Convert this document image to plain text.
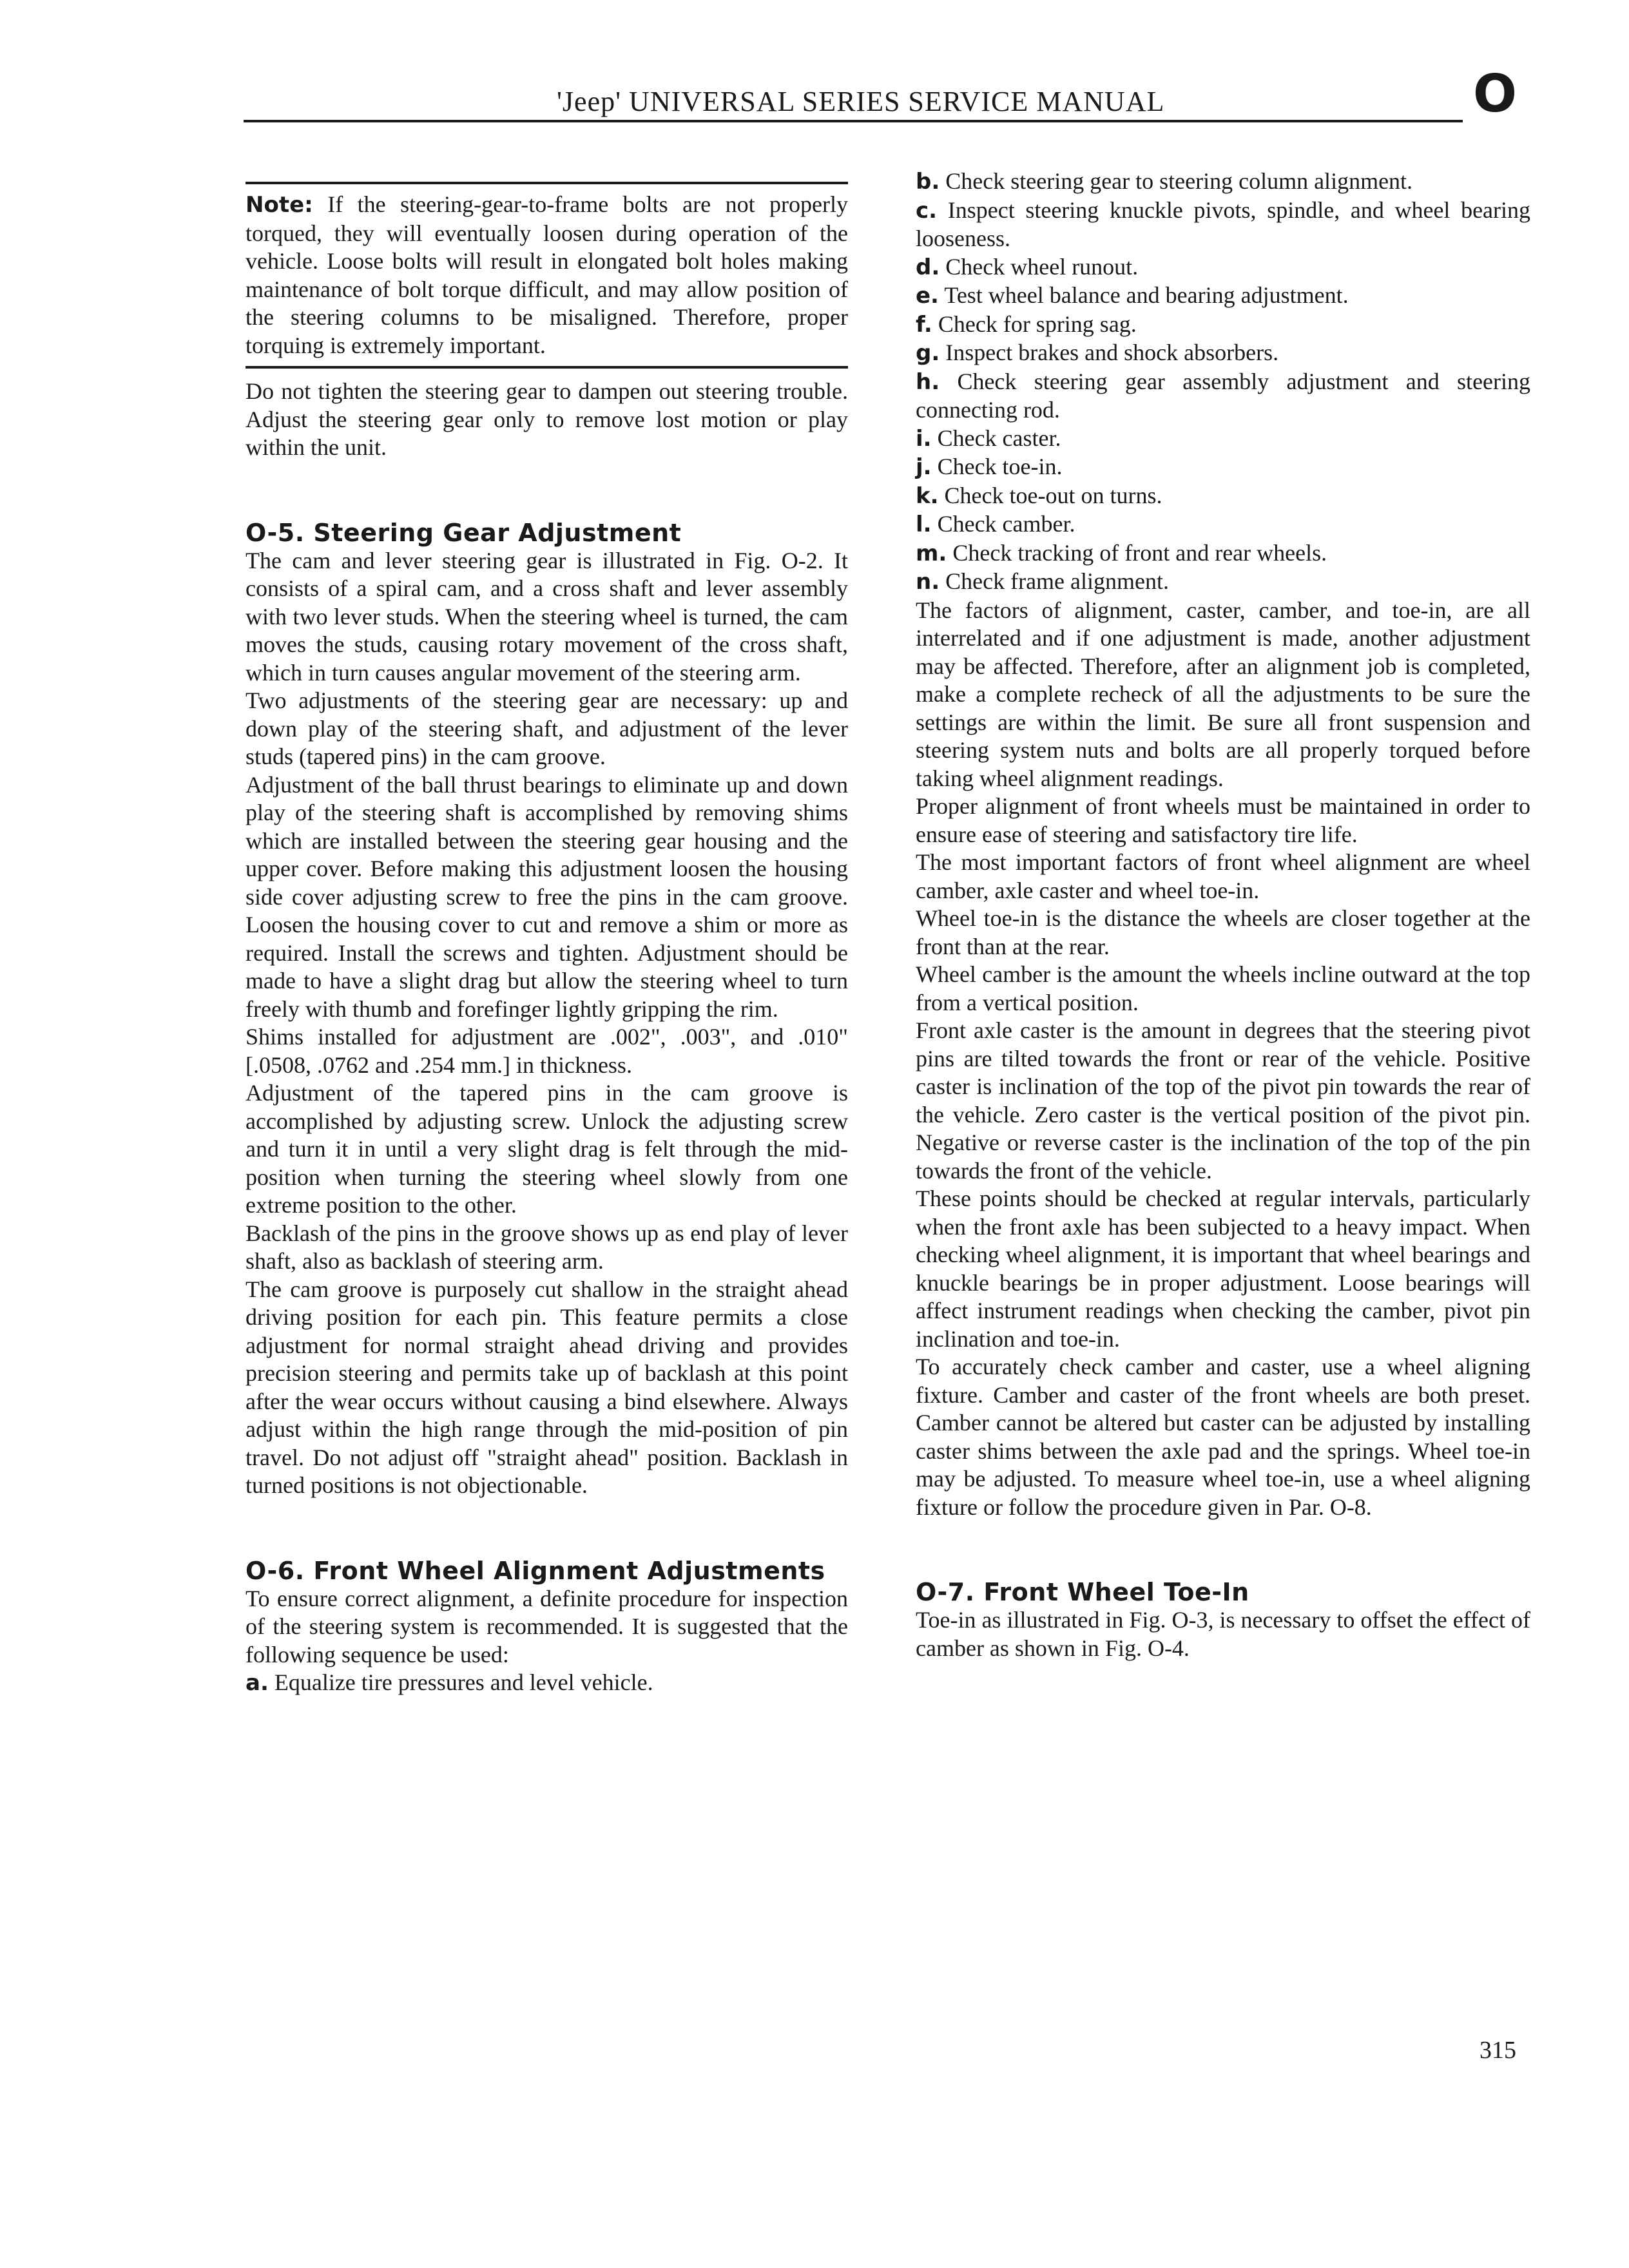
'Jeep' UNIVERSAL SERIES SERVICE MANUAL	O

Note: If the steering-gear-to-frame bolts are not properly torqued, they will eventually loosen during operation of the vehicle. Loose bolts will result in elongated bolt holes making maintenance of bolt torque difficult, and may allow position of the steering columns to be misaligned. Therefore, proper torquing is extremely important.

Do not tighten the steering gear to dampen out steering trouble. Adjust the steering gear only to remove lost motion or play within the unit.

O-5. Steering Gear Adjustment

The cam and lever steering gear is illustrated in Fig. O-2. It consists of a spiral cam, and a cross shaft and lever assembly with two lever studs. When the steering wheel is turned, the cam moves the studs, causing rotary movement of the cross shaft, which in turn causes angular movement of the steering arm.

Two adjustments of the steering gear are necessary: up and down play of the steering shaft, and adjustment of the lever studs (tapered pins) in the cam groove.

Adjustment of the ball thrust bearings to eliminate up and down play of the steering shaft is accomplished by removing shims which are installed between the steering gear housing and the upper cover. Before making this adjustment loosen the housing side cover adjusting screw to free the pins in the cam groove. Loosen the housing cover to cut and remove a shim or more as required. Install the screws and tighten. Adjustment should be made to have a slight drag but allow the steering wheel to turn freely with thumb and forefinger lightly gripping the rim.

Shims installed for adjustment are .002", .003", and .010" [.0508, .0762 and .254 mm.] in thickness.

Adjustment of the tapered pins in the cam groove is accomplished by adjusting screw. Unlock the adjusting screw and turn it in until a very slight drag is felt through the mid-position when turning the steering wheel slowly from one extreme position to the other.

Backlash of the pins in the groove shows up as end play of lever shaft, also as backlash of steering arm.

The cam groove is purposely cut shallow in the straight ahead driving position for each pin. This feature permits a close adjustment for normal straight ahead driving and provides precision steering and permits take up of backlash at this point after the wear occurs without causing a bind elsewhere. Always adjust within the high range through the mid-position of pin travel. Do not adjust off "straight ahead" position. Backlash in turned positions is not objectionable.

O-6. Front Wheel Alignment Adjustments

To ensure correct alignment, a definite procedure for inspection of the steering system is recommended. It is suggested that the following sequence be used:

a. Equalize tire pressures and level vehicle.

b. Check steering gear to steering column alignment.

c. Inspect steering knuckle pivots, spindle, and wheel bearing looseness.

d. Check wheel runout.

e. Test wheel balance and bearing adjustment.

f. Check for spring sag.

g. Inspect brakes and shock absorbers.

h. Check steering gear assembly adjustment and steering connecting rod.

i. Check caster.

j. Check toe-in.

k. Check toe-out on turns.

l. Check camber.

m. Check tracking of front and rear wheels.

n. Check frame alignment.

The factors of alignment, caster, camber, and toe-in, are all interrelated and if one adjustment is made, another adjustment may be affected. Therefore, after an alignment job is completed, make a complete recheck of all the adjustments to be sure the settings are within the limit. Be sure all front suspension and steering system nuts and bolts are all properly torqued before taking wheel alignment readings.

Proper alignment of front wheels must be maintained in order to ensure ease of steering and satisfactory tire life.

The most important factors of front wheel alignment are wheel camber, axle caster and wheel toe-in.

Wheel toe-in is the distance the wheels are closer together at the front than at the rear.

Wheel camber is the amount the wheels incline outward at the top from a vertical position.

Front axle caster is the amount in degrees that the steering pivot pins are tilted towards the front or rear of the vehicle. Positive caster is inclination of the top of the pivot pin towards the rear of the vehicle. Zero caster is the vertical position of the pivot pin. Negative or reverse caster is the inclination of the top of the pin towards the front of the vehicle.

These points should be checked at regular intervals, particularly when the front axle has been subjected to a heavy impact. When checking wheel alignment, it is important that wheel bearings and knuckle bearings be in proper adjustment. Loose bearings will affect instrument readings when checking the camber, pivot pin inclination and toe-in.

To accurately check camber and caster, use a wheel aligning fixture. Camber and caster of the front wheels are both preset. Camber cannot be altered but caster can be adjusted by installing caster shims between the axle pad and the springs. Wheel toe-in may be adjusted. To measure wheel toe-in, use a wheel aligning fixture or follow the procedure given in Par. O-8.

O-7. Front Wheel Toe-In

Toe-in as illustrated in Fig. O-3, is necessary to offset the effect of camber as shown in Fig. O-4.

315
